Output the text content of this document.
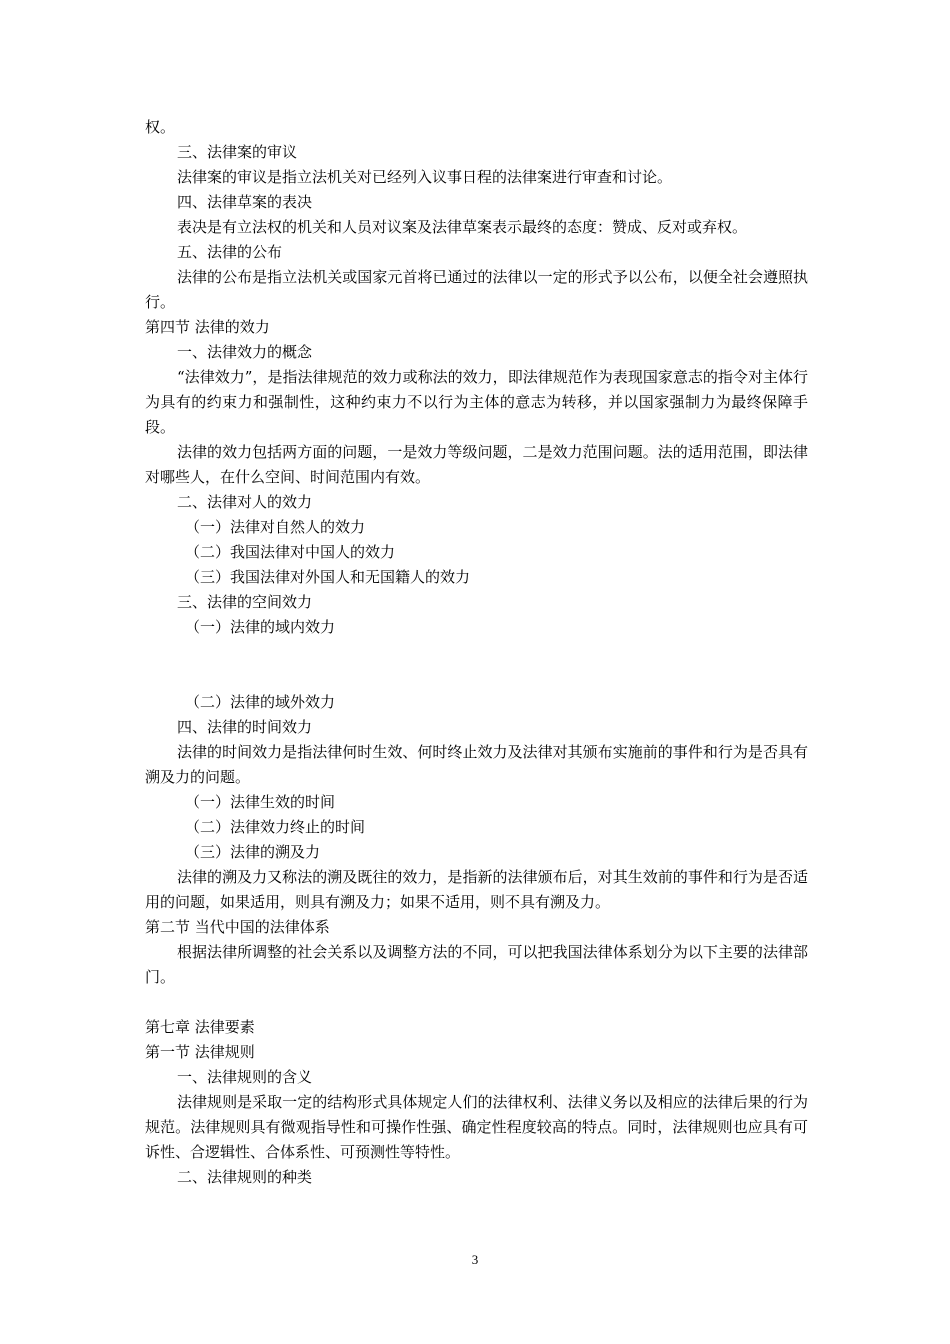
权。
三、法律案的审议
法律案的审议是指立法机关对已经列入议事日程的法律案进行审查和讨论。
四、法律草案的表决
表决是有立法权的机关和人员对议案及法律草案表示最终的态度：赞成、反对或弃权。
五、法律的公布
法律的公布是指立法机关或国家元首将已通过的法律以一定的形式予以公布，以便全社会遵照执行。
第四节 法律的效力
一、法律效力的概念
“法律效力”，是指法律规范的效力或称法的效力，即法律规范作为表现国家意志的指令对主体行为具有的约束力和强制性，这种约束力不以行为主体的意志为转移，并以国家强制力为最终保障手段。
法律的效力包括两方面的问题，一是效力等级问题，二是效力范围问题。法的适用范围，即法律对哪些人，在什么空间、时间范围内有效。
二、法律对人的效力
（一）法律对自然人的效力
（二）我国法律对中国人的效力
（三）我国法律对外国人和无国籍人的效力
三、法律的空间效力
（一）法律的域内效力
（二）法律的域外效力
四、法律的时间效力
法律的时间效力是指法律何时生效、何时终止效力及法律对其颁布实施前的事件和行为是否具有溯及力的问题。
（一）法律生效的时间
（二）法律效力终止的时间
（三）法律的溯及力
法律的溯及力又称法的溯及既往的效力，是指新的法律颁布后，对其生效前的事件和行为是否适用的问题，如果适用，则具有溯及力；如果不适用，则不具有溯及力。
第二节 当代中国的法律体系
根据法律所调整的社会关系以及调整方法的不同，可以把我国法律体系划分为以下主要的法律部门。
第七章 法律要素
第一节 法律规则
一、法律规则的含义
法律规则是采取一定的结构形式具体规定人们的法律权利、法律义务以及相应的法律后果的行为规范。法律规则具有微观指导性和可操作性强、确定性程度较高的特点。同时，法律规则也应具有可诉性、合逻辑性、合体系性、可预测性等特性。
二、法律规则的种类
3
